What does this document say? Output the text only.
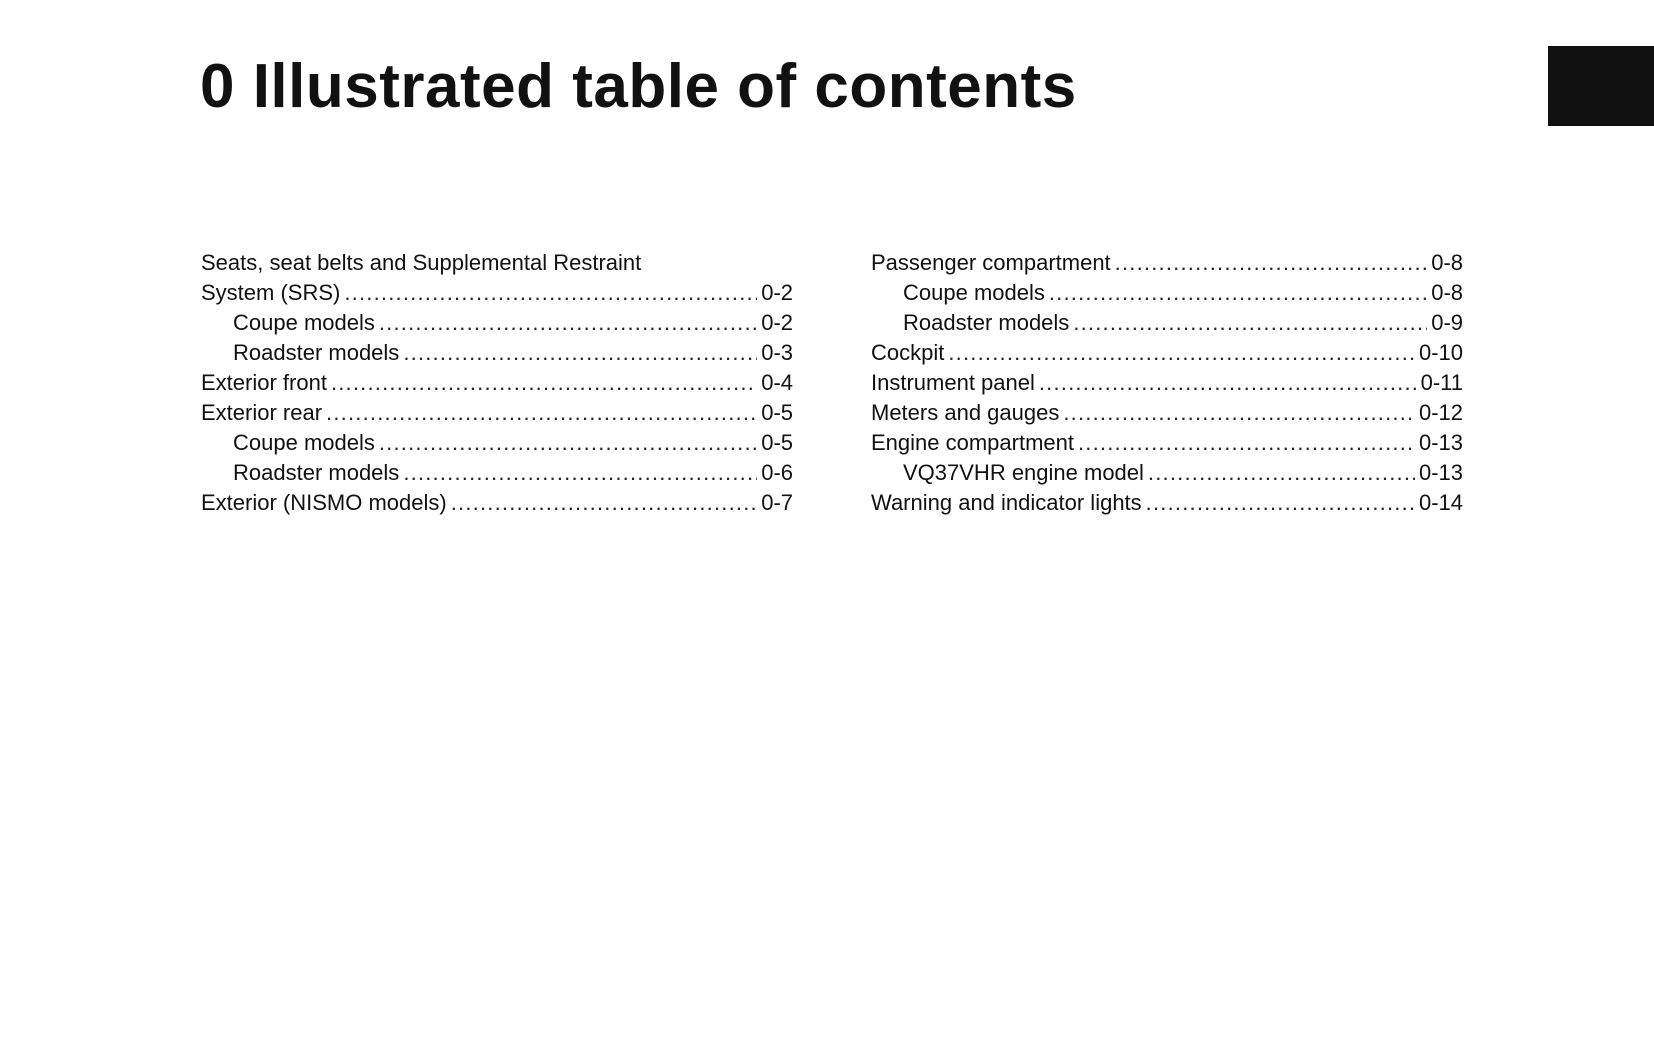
0 Illustrated table of contents
Seats, seat belts and Supplemental Restraint
System (SRS) .....	0-2
Coupe models .....	0-2
Roadster models .....	0-3
Exterior front .....	0-4
Exterior rear .....	0-5
Coupe models .....	0-5
Roadster models .....	0-6
Exterior (NISMO models) .....	0-7
Passenger compartment .....	0-8
Coupe models .....	0-8
Roadster models .....	0-9
Cockpit .....	0-10
Instrument panel .....	0-11
Meters and gauges .....	0-12
Engine compartment .....	0-13
VQ37VHR engine model .....	0-13
Warning and indicator lights .....	0-14
